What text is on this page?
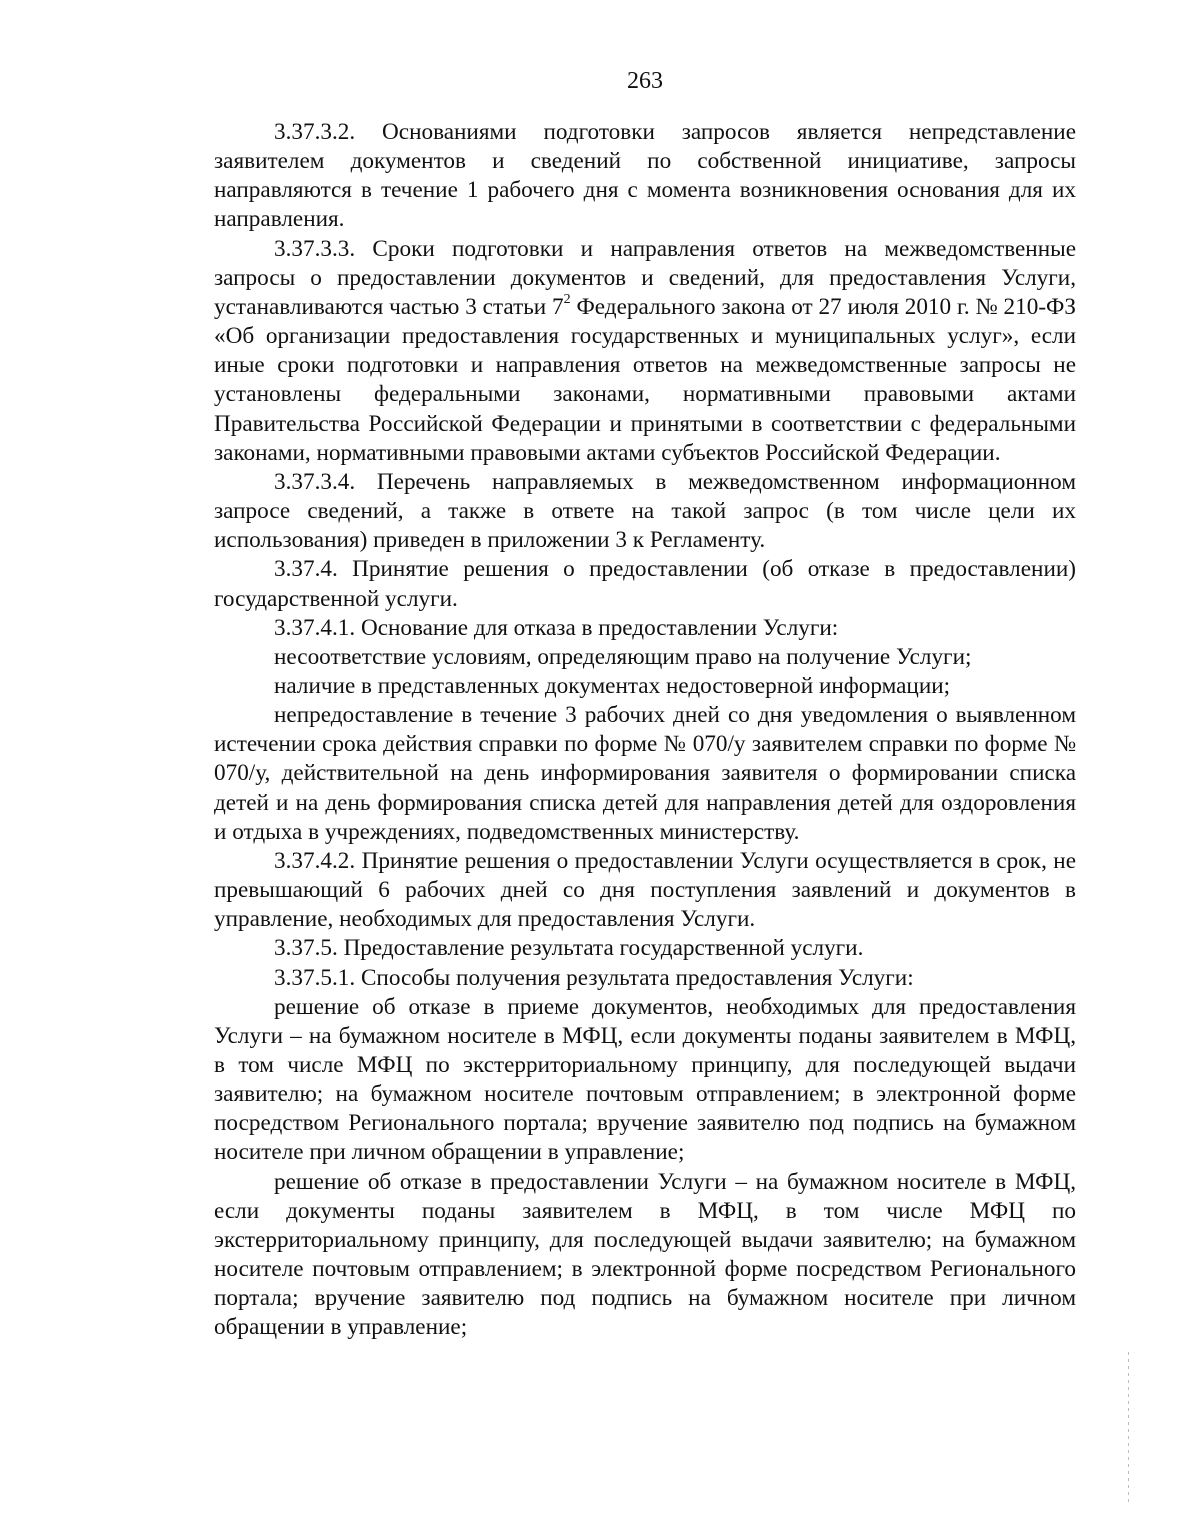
263

3.37.3.2. Основаниями подготовки запросов является непредставление заявителем документов и сведений по собственной инициативе, запросы направляются в течение 1 рабочего дня с момента возникновения основания для их направления.

3.37.3.3. Сроки подготовки и направления ответов на межведомственные запросы о предоставлении документов и сведений, для предоставления Услуги, устанавливаются частью 3 статьи $7^2$ Федерального закона от 27 июля 2010 г. № 210-ФЗ «Об организации предоставления государственных и муниципальных услуг», если иные сроки подготовки и направления ответов на межведомственные запросы не установлены федеральными законами, нормативными правовыми актами Правительства Российской Федерации и принятыми в соответствии с федеральными законами, нормативными правовыми актами субъектов Российской Федерации.

3.37.3.4. Перечень направляемых в межведомственном информационном запросе сведений, а также в ответе на такой запрос (в том числе цели их использования) приведен в приложении 3 к Регламенту.

3.37.4. Принятие решения о предоставлении (об отказе в предоставлении) государственной услуги.

3.37.4.1. Основание для отказа в предоставлении Услуги:

несоответствие условиям, определяющим право на получение Услуги;

наличие в представленных документах недостоверной информации;

непредоставление в течение 3 рабочих дней со дня уведомления о выявленном истечении срока действия справки по форме № 070/у заявителем справки по форме № 070/у, действительной на день информирования заявителя о формировании списка детей и на день формирования списка детей для направления детей для оздоровления и отдыха в учреждениях, подведомственных министерству.

3.37.4.2. Принятие решения о предоставлении Услуги осуществляется в срок, не превышающий 6 рабочих дней со дня поступления заявлений и документов в управление, необходимых для предоставления Услуги.

3.37.5. Предоставление результата государственной услуги.

3.37.5.1. Способы получения результата предоставления Услуги:

решение об отказе в приеме документов, необходимых для предоставления Услуги – на бумажном носителе в МФЦ, если документы поданы заявителем в МФЦ, в том числе МФЦ по экстерриториальному принципу, для последующей выдачи заявителю; на бумажном носителе почтовым отправлением; в электронной форме посредством Регионального портала; вручение заявителю под подпись на бумажном носителе при личном обращении в управление;

решение об отказе в предоставлении Услуги – на бумажном носителе в МФЦ, если документы поданы заявителем в МФЦ, в том числе МФЦ по экстерриториальному принципу, для последующей выдачи заявителю; на бумажном носителе почтовым отправлением; в электронной форме посредством Регионального портала; вручение заявителю под подпись на бумажном носителе при личном обращении в управление;
